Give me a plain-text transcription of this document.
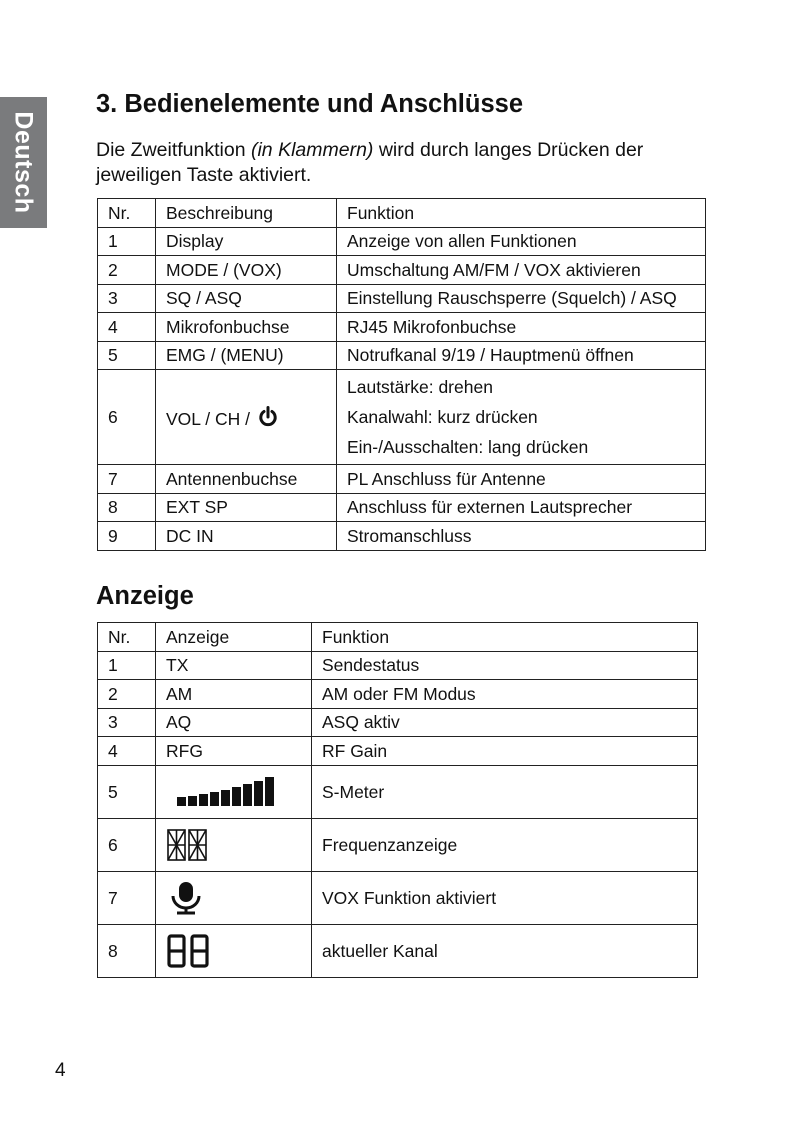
Deutsch
3. Bedienelemente und Anschlüsse

Die Zweitfunktion (in Klammern) wird durch langes Drücken der jeweiligen Taste aktiviert.

Nr.	Beschreibung	Funktion
1	Display	Anzeige von allen Funktionen
2	MODE / (VOX)	Umschaltung AM/FM / VOX aktivieren
3	SQ / ASQ	Einstellung Rauschsperre (Squelch) / ASQ
4	Mikrofonbuchse	RJ45 Mikrofonbuchse
5	EMG / (MENU)	Notrufkanal 9/19 / Hauptmenü öffnen
6	VOL / CH /	Lautstärke: drehen
Kanalwahl: kurz drücken
Ein-/Ausschalten: lang drücken

7	Antennenbuchse	PL Anschluss für Antenne
8	EXT SP	Anschluss für externen Lautsprecher
9	DC IN	Stromanschluss
Anzeige
Nr.	Anzeige	Funktion
1	TX	Sendestatus
2	AM	AM oder FM Modus
3	AQ	ASQ aktiv
4	RFG	RF Gain
5		S-Meter
6		Frequenzanzeige
7		VOX Funktion aktiviert
8		aktueller Kanal
4
